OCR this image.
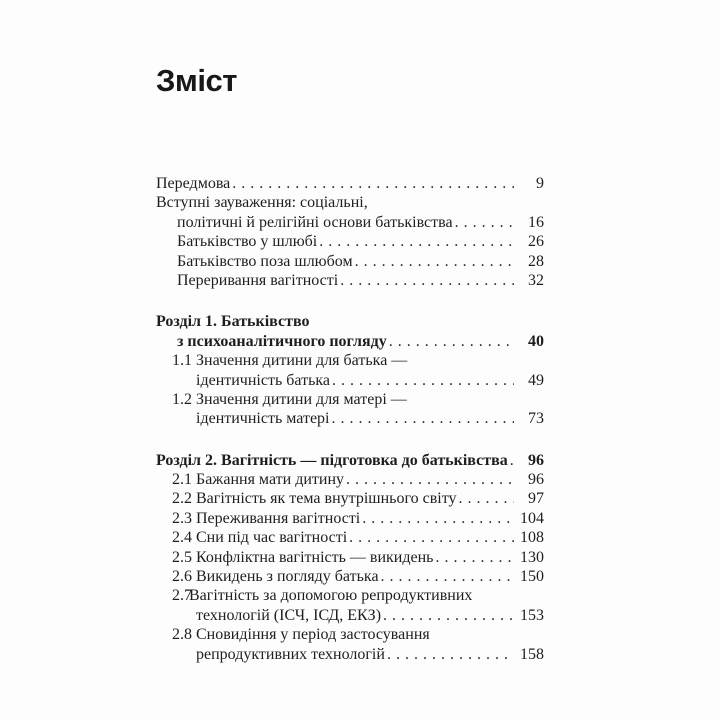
Зміст
Передмова . . .	9
Вступні зауваження: соціальні,
політичні й релігійні основи батьківства . . .	16
Батьківство у шлюбі . . .	26
Батьківство поза шлюбом . . .	28
Переривання вагітності . . .	32
Розділ 1. Батьківство
з психоаналітичного погляду . . .	40
1.1 Значення дитини для батька —
ідентичність батька . . .	49
1.2 Значення дитини для матері —
ідентичність матері . . .	73
Розділ 2. Вагітність — підготовка до батьківства . . .	96
2.1 Бажання мати дитину . . .	96
2.2 Вагітність як тема внутрішнього світу . . .	97
2.3 Переживання вагітності . . .	104
2.4 Сни під час вагітності . . .	108
2.5 Конфліктна вагітність — викидень . . .	130
2.6 Викидень з погляду батька . . .	150
2.7
Вагітність за допомогою репродуктивних
технологій (ІСЧ, ІСД, ЕКЗ) . . .	153
2.8 Сновидіння у період застосування
репродуктивних технологій . . .	158
